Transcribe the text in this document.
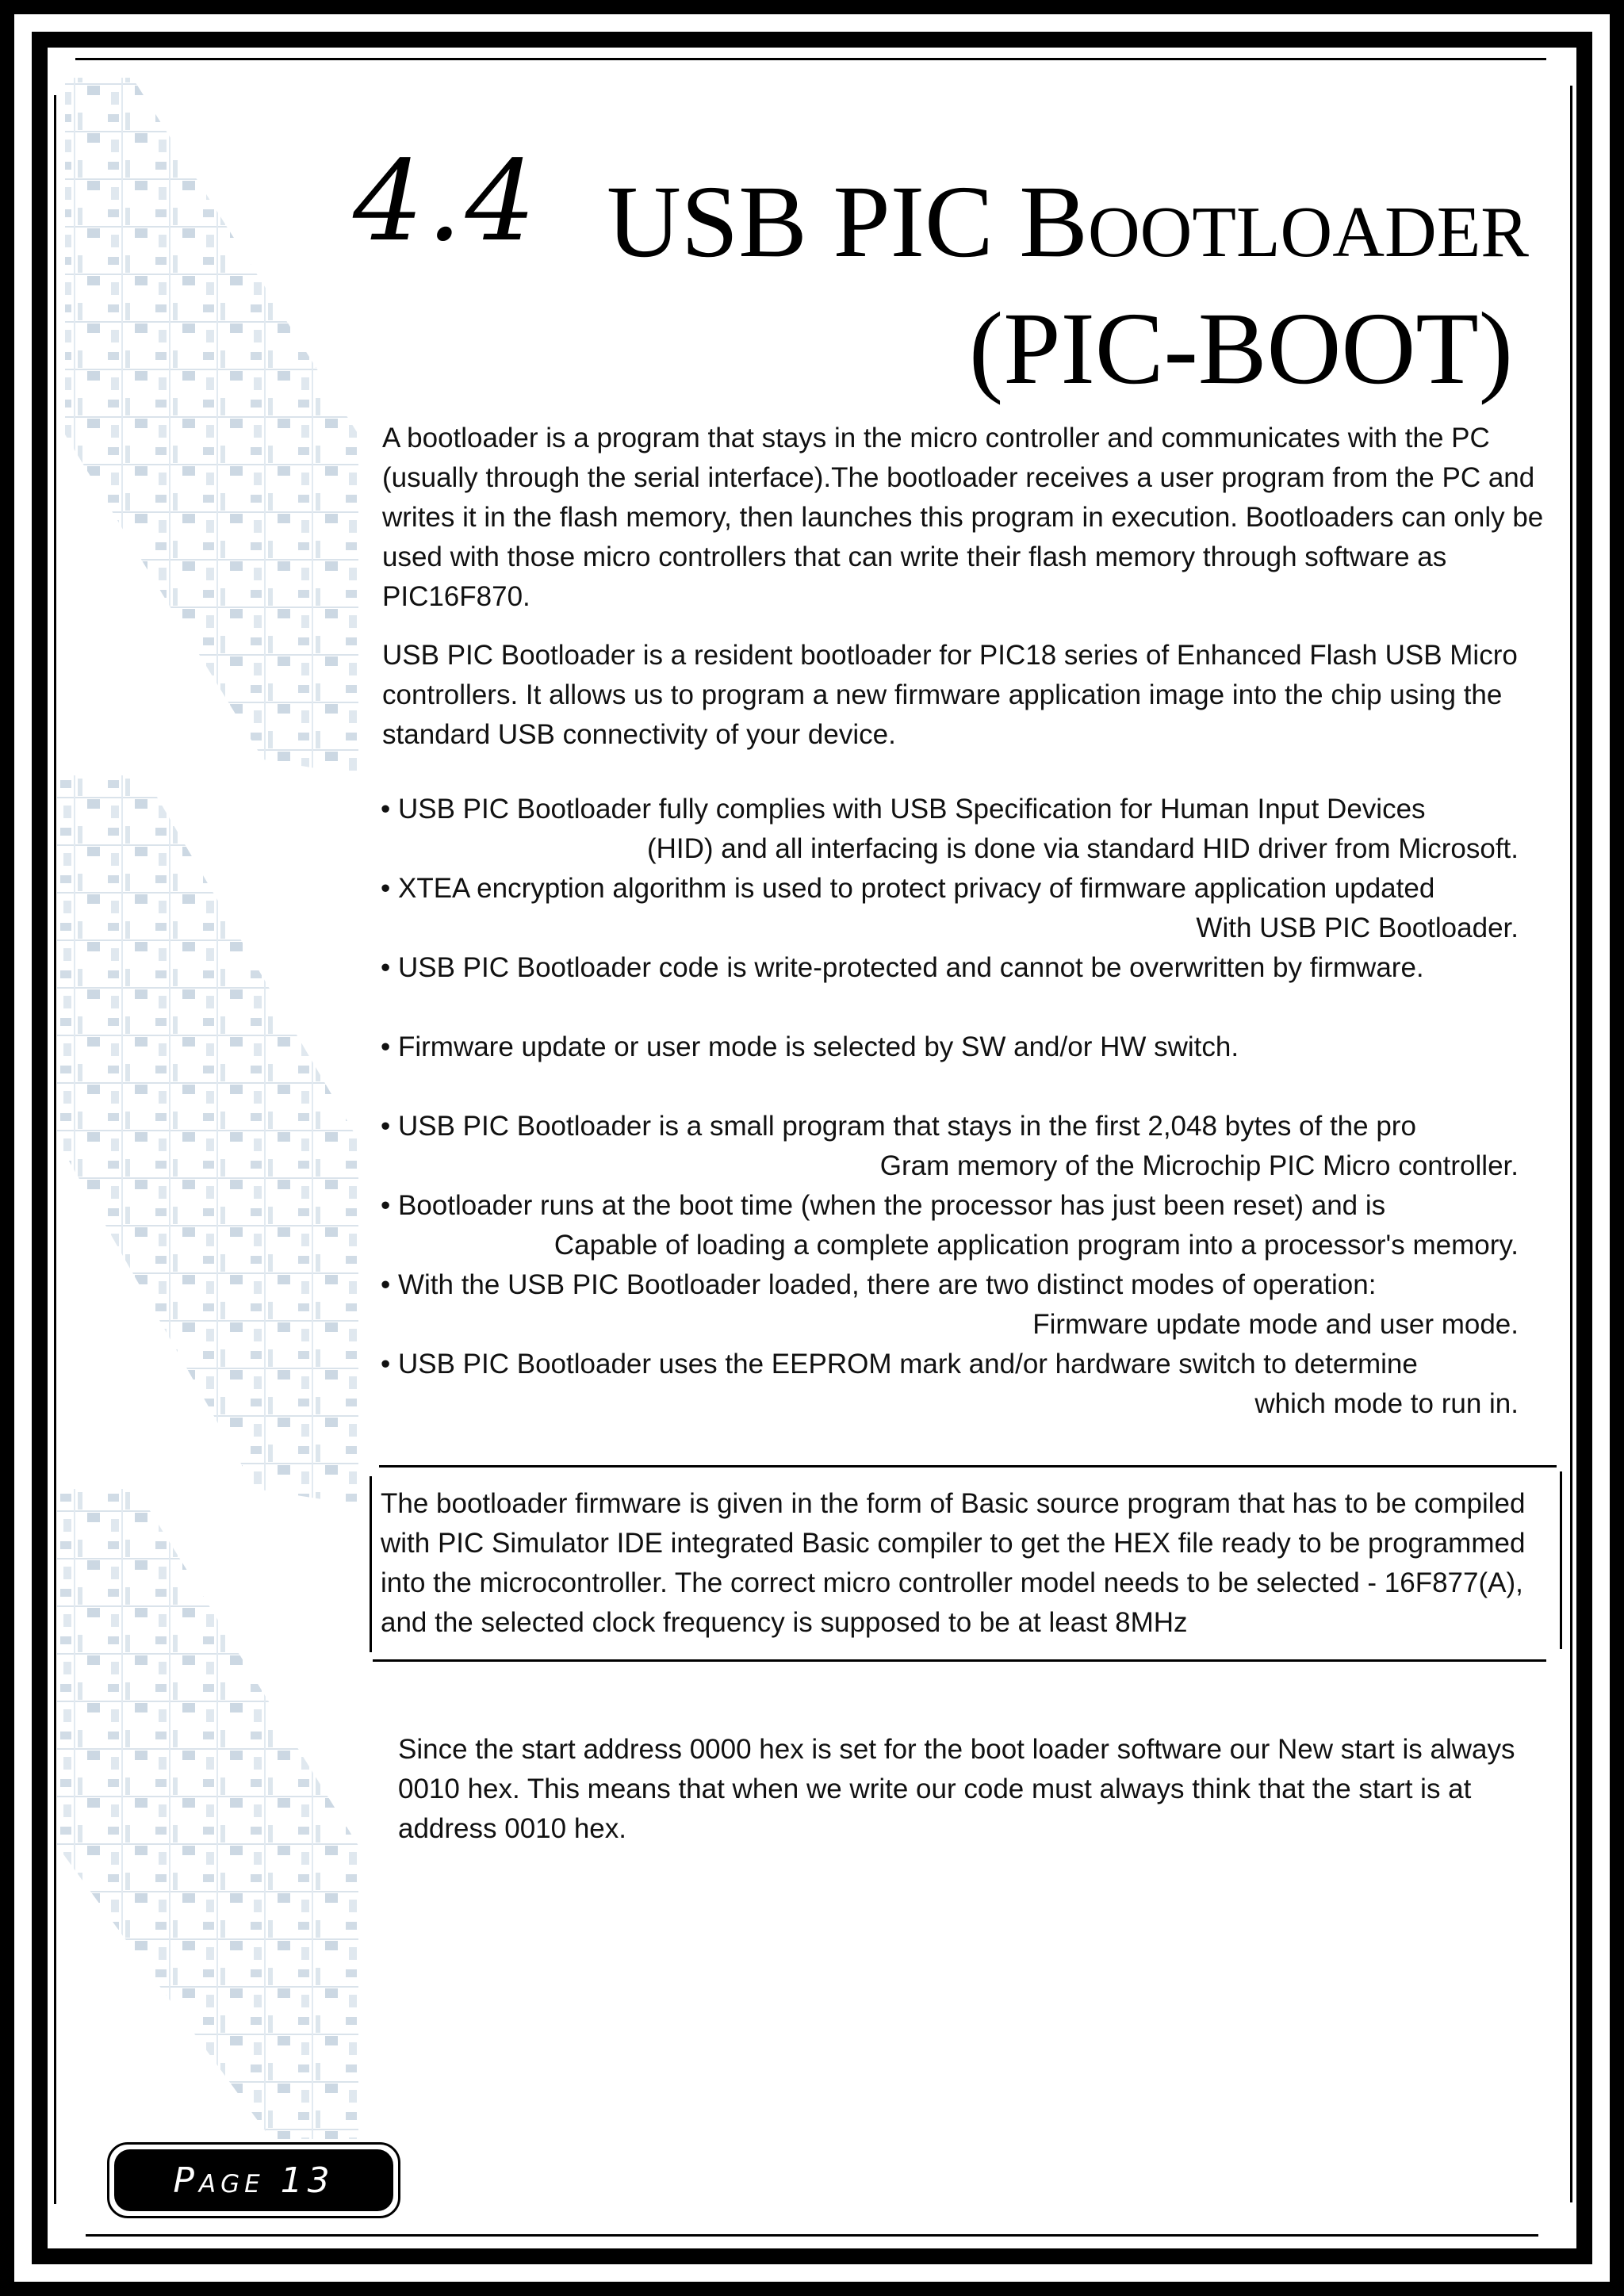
4.4 USB PIC Bootloader
(PIC-BOOT)

A bootloader is a program that stays in the micro controller and communicates with the PC (usually through the serial interface).The bootloader receives a user program from the PC and writes it in the flash memory, then launches this program in execution. Bootloaders can only be used with those micro controllers that can write their flash memory through software as PIC16F870.

USB PIC Bootloader is a resident bootloader for PIC18 series of Enhanced Flash USB Micro controllers. It allows us to program a new firmware application image into the chip using the standard USB connectivity of your device.

• USB PIC Bootloader fully complies with USB Specification for Human Input Devices
(HID) and all interfacing is done via standard HID driver from Microsoft.
• XTEA encryption algorithm is used to protect privacy of firmware application updated
With USB PIC Bootloader.
• USB PIC Bootloader code is write-protected and cannot be overwritten by firmware.
• Firmware update or user mode is selected by SW and/or HW switch.
• USB PIC Bootloader is a small program that stays in the first 2,048 bytes of the pro
Gram memory of the Microchip PIC Micro controller.
• Bootloader runs at the boot time (when the processor has just been reset) and is
Capable of loading a complete application program into a processor's memory.
• With the USB PIC Bootloader loaded, there are two distinct modes of operation:
Firmware update mode and user mode.
• USB PIC Bootloader uses the EEPROM mark and/or hardware switch to determine
which mode to run in.
The bootloader firmware is given in the form of Basic source program that has to be compiled with PIC Simulator IDE integrated Basic compiler to get the HEX file ready to be programmed into the microcontroller. The correct micro controller model needs to be selected - 16F877(A), and the selected clock frequency is supposed to be at least 8MHz
Since the start address 0000 hex is set for the boot loader software our New start is always 0010 hex. This means that when we write our code must always think that the start is at address 0010 hex.
Page 13
